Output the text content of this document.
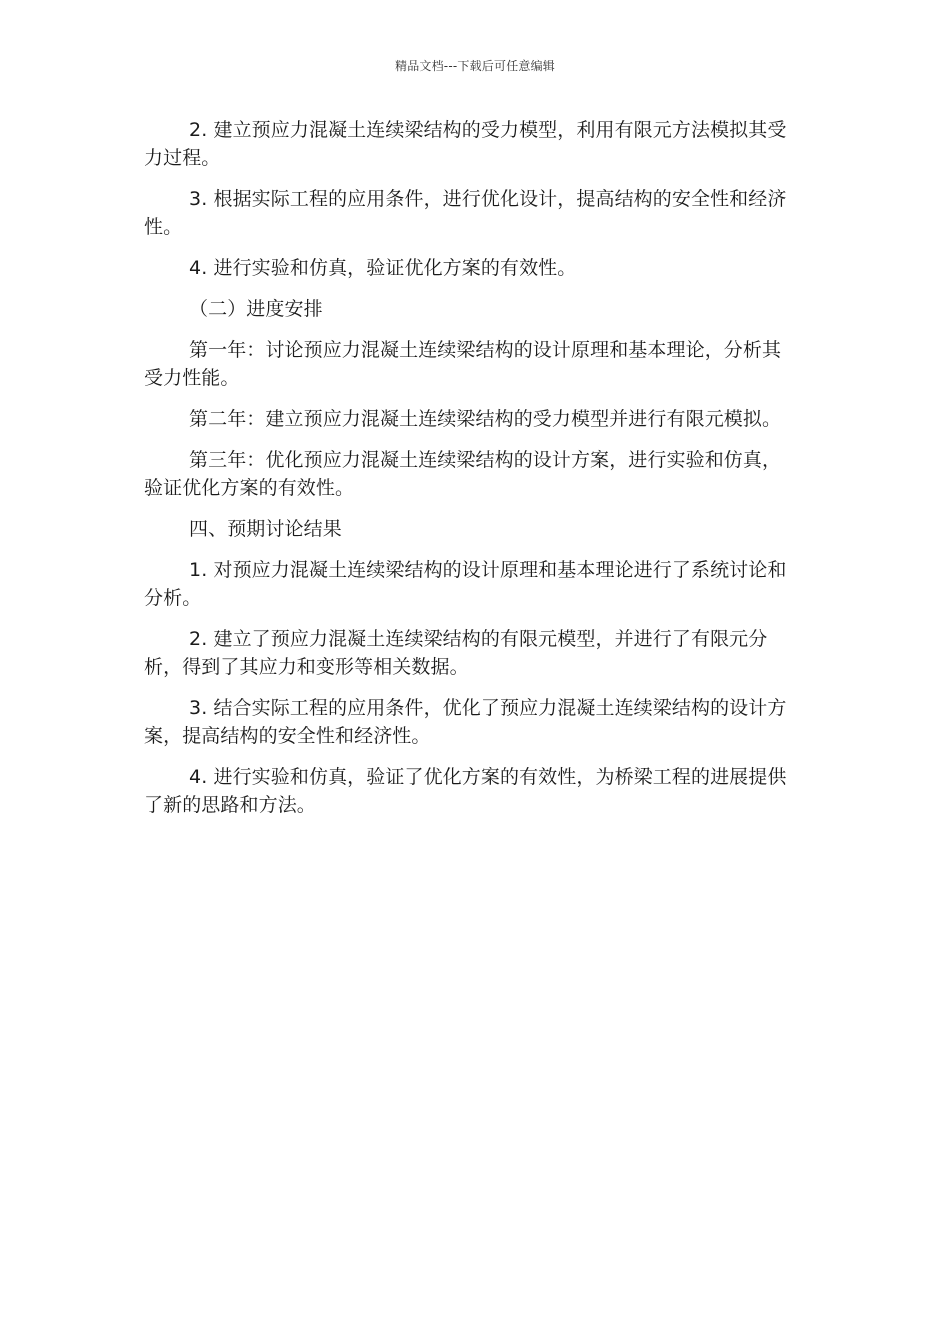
精品文档---下载后可任意编辑

2. 建立预应力混凝土连续梁结构的受力模型，利用有限元方法模拟其受力过程。

3. 根据实际工程的应用条件，进行优化设计，提高结构的安全性和经济性。

4. 进行实验和仿真，验证优化方案的有效性。

（二）进度安排

第一年：讨论预应力混凝土连续梁结构的设计原理和基本理论，分析其受力性能。

第二年：建立预应力混凝土连续梁结构的受力模型并进行有限元模拟。

第三年：优化预应力混凝土连续梁结构的设计方案，进行实验和仿真，验证优化方案的有效性。

四、预期讨论结果

1. 对预应力混凝土连续梁结构的设计原理和基本理论进行了系统讨论和分析。

2. 建立了预应力混凝土连续梁结构的有限元模型，并进行了有限元分析，得到了其应力和变形等相关数据。

3. 结合实际工程的应用条件，优化了预应力混凝土连续梁结构的设计方案，提高结构的安全性和经济性。

4. 进行实验和仿真，验证了优化方案的有效性，为桥梁工程的进展提供了新的思路和方法。
